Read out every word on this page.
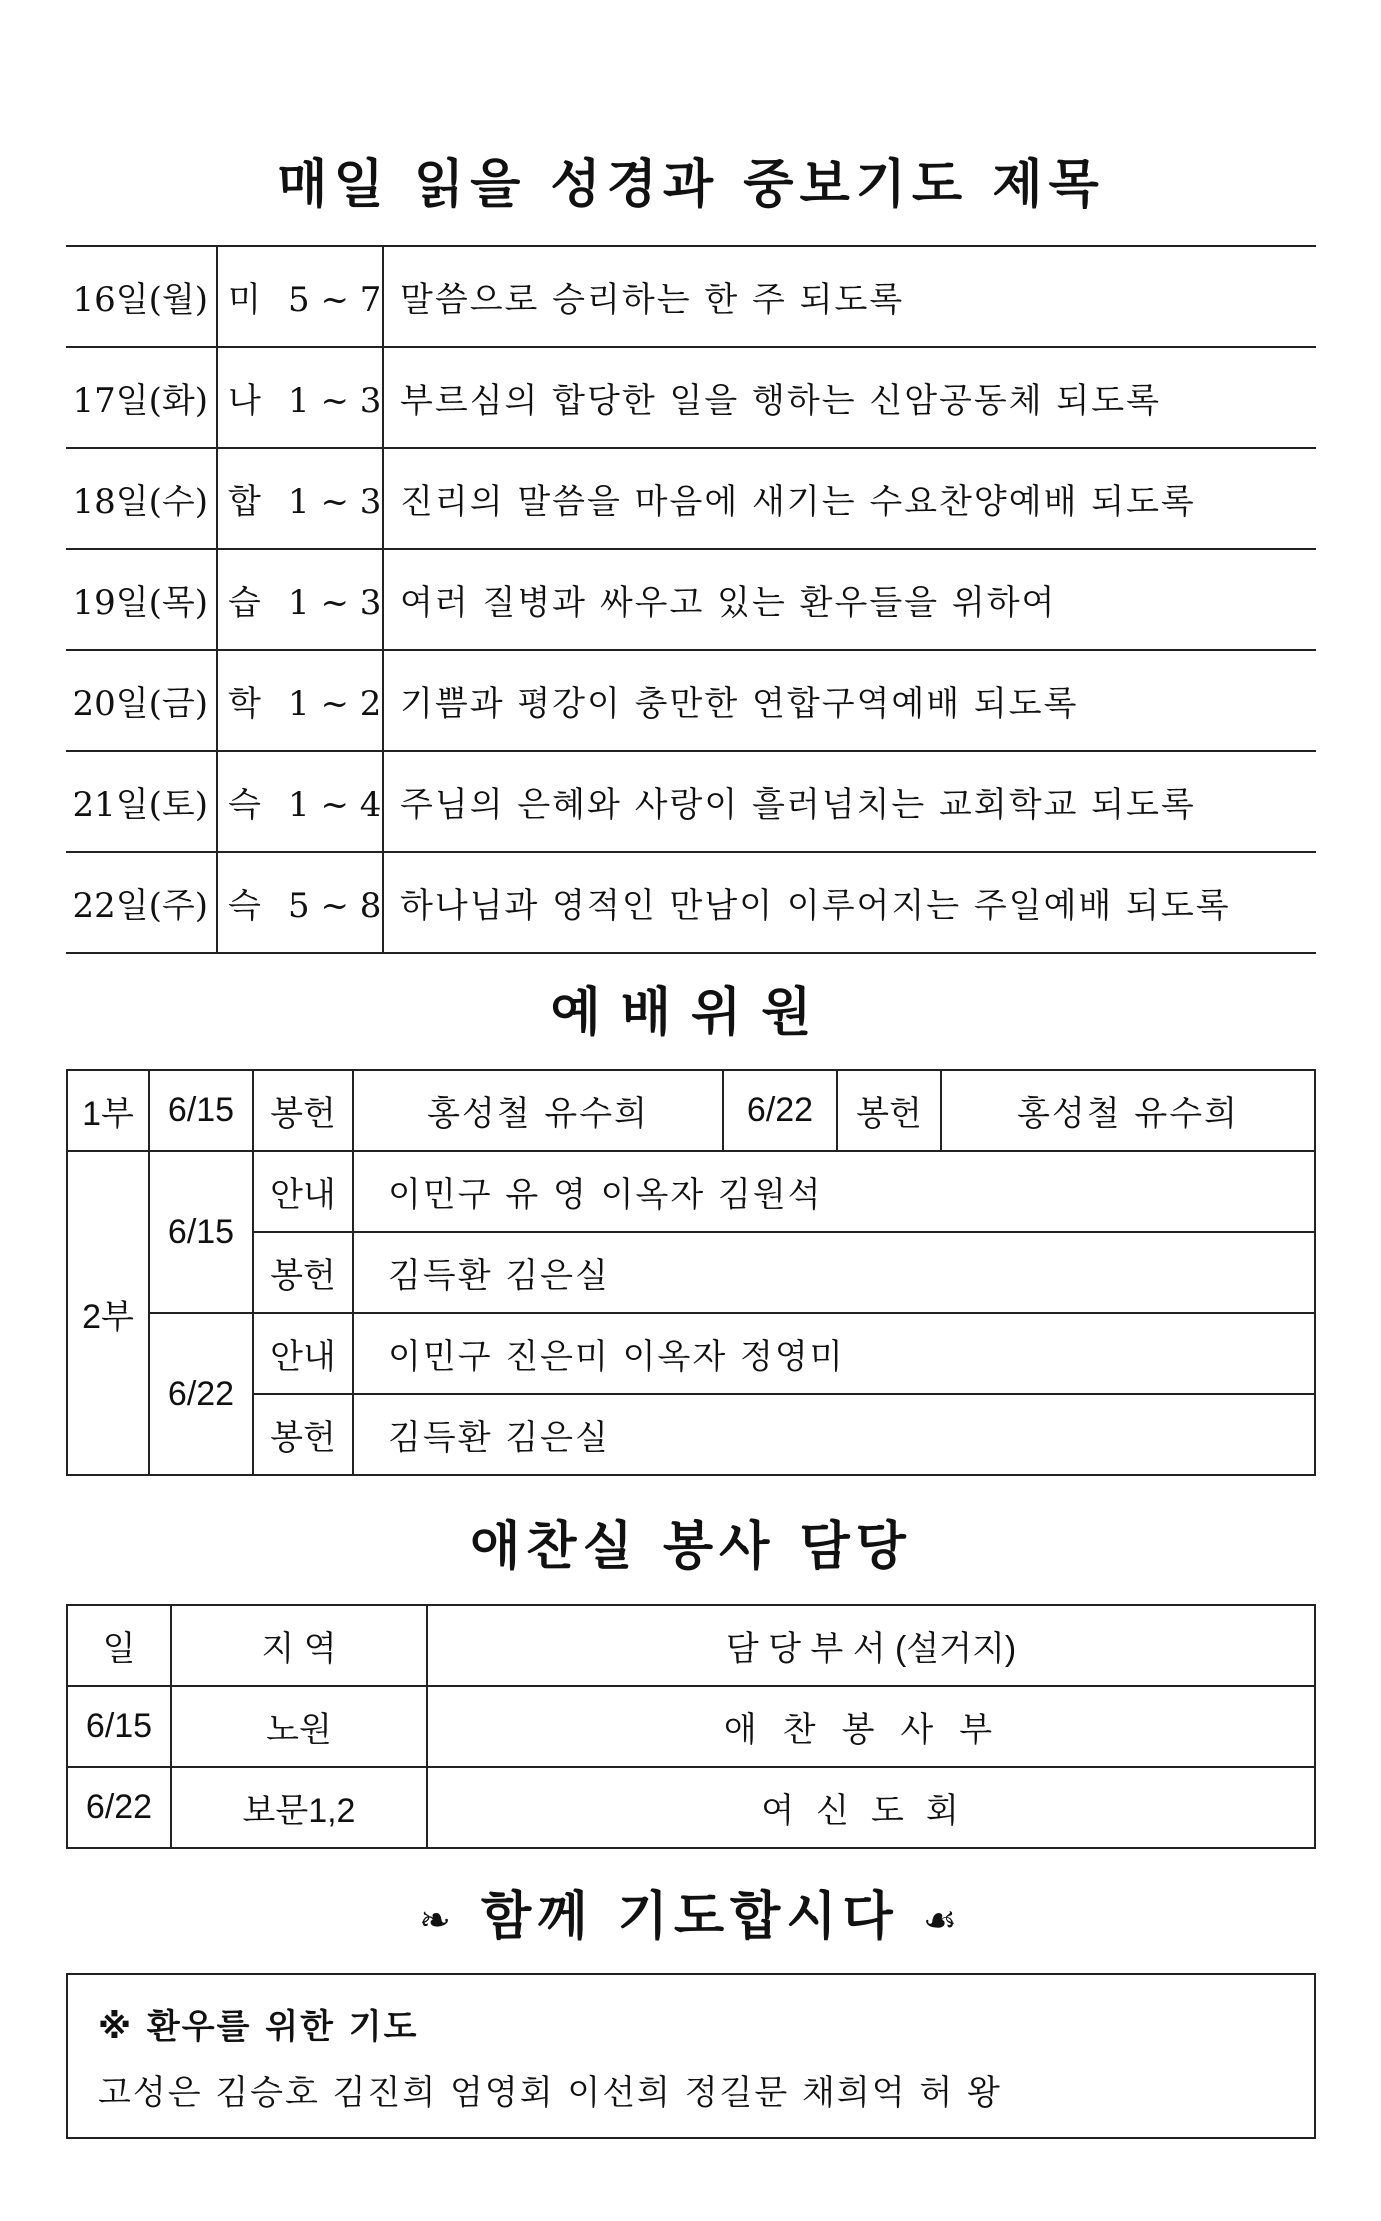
매일 읽을 성경과 중보기도 제목
16일(월)	미 5 ~ 7	말씀으로 승리하는 한 주 되도록
17일(화)	나 1 ~ 3	부르심의 합당한 일을 행하는 신암공동체 되도록
18일(수)	합 1 ~ 3	진리의 말씀을 마음에 새기는 수요찬양예배 되도록
19일(목)	습 1 ~ 3	여러 질병과 싸우고 있는 환우들을 위하여
20일(금)	학 1 ~ 2	기쁨과 평강이 충만한 연합구역예배 되도록
21일(토)	슥 1 ~ 4	주님의 은혜와 사랑이 흘러넘치는 교회학교 되도록
22일(주)	슥 5 ~ 8	하나님과 영적인 만남이 이루어지는 주일예배 되도록
예배위원
1부	6/15	봉헌	홍성철 유수희	6/22	봉헌	홍성철 유수희
2부	6/15	안내	이민구 유 영 이옥자 김원석			
		봉헌	김득환 김은실			
	6/22	안내	이민구 진은미 이옥자 정영미			
		봉헌	김득환 김은실			
애찬실 봉사 담당
일	지 역	담 당 부 서 (설거지)
6/15	노원	애찬봉사부
6/22	보문1,2	여신도회
❧ 함께 기도합시다 ☙
※ 환우를 위한 기도
고성은 김승호 김진희 엄영회 이선희 정길문 채희억 허 왕
